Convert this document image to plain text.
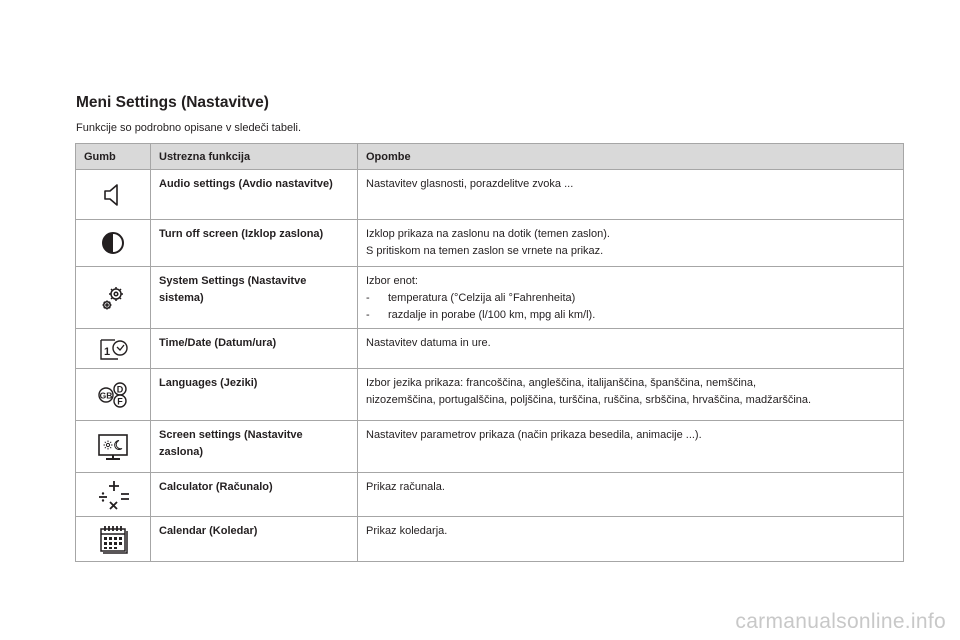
Meni Settings (Nastavitve)

Funkcije so podrobno opisane v sledeči tabeli.

Gumb	Ustrezna funkcija	Opombe

	Audio settings (Avdio nastavitve)	Nastavitev glasnosti, porazdelitve zvoka ...

	Turn off screen (Izklop zaslona)	Izklop prikaza na zaslonu na dotik (temen zaslon).
S pritiskom na temen zaslon se vrnete na prikaz.

	System Settings (Nastavitve sistema)	Izbor enot:
- temperatura (°Celzija ali °Fahrenheita)
- razdalje in porabe (l/100 km, mpg ali km/l).

1	Time/Date (Datum/ura)	Nastavitev datuma in ure.

D
F
GB	Languages (Jeziki)	Izbor jezika prikaza: francoščina, angleščina, italijanščina, španščina, nemščina,
nizozemščina, portugalščina, poljščina, turščina, ruščina, srbščina, hrvaščina, madžarščina.

	Screen settings (Nastavitve zaslona)	Nastavitev parametrov prikaza (način prikaza besedila, animacije ...).

	Calculator (Računalo)	Prikaz računala.

	Calendar (Koledar)	Prikaz koledarja.
carmanualsonline.info
